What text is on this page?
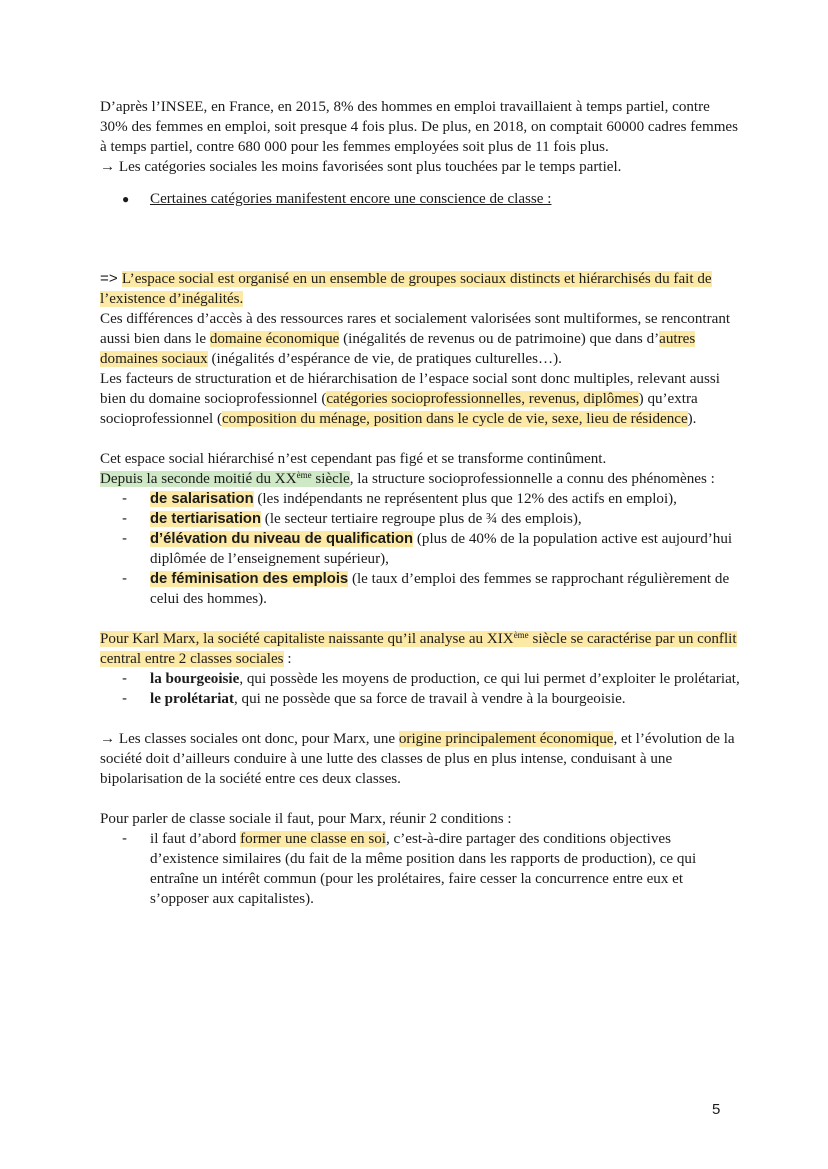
D’après l’INSEE, en France, en 2015, 8% des hommes en emploi travaillaient à temps partiel, contre 30% des femmes en emploi, soit presque 4 fois plus. De plus, en 2018, on comptait 60000 cadres femmes à temps partiel, contre 680 000 pour les femmes employées soit plus de 11 fois plus.

→ Les catégories sociales les moins favorisées sont plus touchées par le temps partiel.

●	Certaines catégories manifestent encore une conscience de classe :

=> L’espace social est organisé en un ensemble de groupes sociaux distincts et hiérarchisés du fait de l’existence d’inégalités.

Ces différences d’accès à des ressources rares et socialement valorisées sont multiformes, se rencontrant aussi bien dans le domaine économique (inégalités de revenus ou de patrimoine) que dans d’autres domaines sociaux (inégalités d’espérance de vie, de pratiques culturelles…).

Les facteurs de structuration et de hiérarchisation de l’espace social sont donc multiples, relevant aussi bien du domaine socioprofessionnel (catégories socioprofessionnelles, revenus, diplômes) qu’extra socioprofessionnel (composition du ménage, position dans le cycle de vie, sexe, lieu de résidence).

Cet espace social hiérarchisé n’est cependant pas figé et se transforme continûment.

Depuis la seconde moitié du XXème siècle, la structure socioprofessionnelle a connu des phénomènes :

-	de salarisation (les indépendants ne représentent plus que 12% des actifs en emploi),
-	de tertiarisation (le secteur tertiaire regroupe plus de ¾ des emplois),
-	d’élévation du niveau de qualification (plus de 40% de la population active est aujourd’hui diplômée de l’enseignement supérieur),
-	de féminisation des emplois (le taux d’emploi des femmes se rapprochant régulièrement de celui des hommes).

Pour Karl Marx, la société capitaliste naissante qu’il analyse au XIXème siècle se caractérise par un conflit central entre 2 classes sociales :

-	la bourgeoisie, qui possède les moyens de production, ce qui lui permet d’exploiter le prolétariat,
-	le prolétariat, qui ne possède que sa force de travail à vendre à la bourgeoisie.

→ Les classes sociales ont donc, pour Marx, une origine principalement économique, et l’évolution de la société doit d’ailleurs conduire à une lutte des classes de plus en plus intense, conduisant à une bipolarisation de la société entre ces deux classes.

Pour parler de classe sociale il faut, pour Marx, réunir 2 conditions :

-	il faut d’abord former une classe en soi, c’est-à-dire partager des conditions objectives d’existence similaires (du fait de la même position dans les rapports de production), ce qui entraîne un intérêt commun (pour les prolétaires, faire cesser la concurrence entre eux et s’opposer aux capitalistes).
5
